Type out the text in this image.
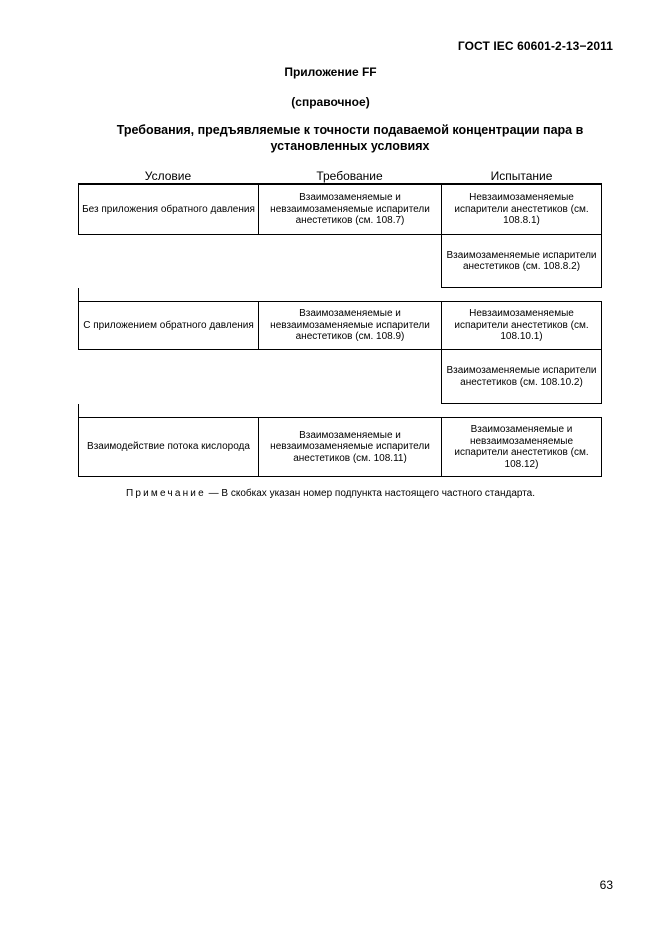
ГОСТ IEC 60601-2-13−2011
Приложение FF
(справочное)
Требования, предъявляемые к точности подаваемой концентрации пара в установленных условиях
Условие	Требование	Испытание
Без приложения обратного давления
Взаимозаменяемые и невзаимозаменяемые испарители анестетиков (см. 108.7)
Невзаимозаменяемые испарители анестетиков (см. 108.8.1)
Взаимозаменяемые испарители анестетиков (см. 108.8.2)
С приложением обратного давления
Взаимозаменяемые и невзаимозаменяемые испарители анестетиков (см. 108.9)
Невзаимозаменяемые испарители анестетиков (см. 108.10.1)
Взаимозаменяемые испарители анестетиков (см. 108.10.2)
Взаимодействие потока кислорода
Взаимозаменяемые и невзаимозаменяемые испарители анестетиков (см. 108.11)
Взаимозаменяемые и невзаимозаменяемые испарители анестетиков (см. 108.12)
Примечание — В скобках указан номер подпункта настоящего частного стандарта.
63
